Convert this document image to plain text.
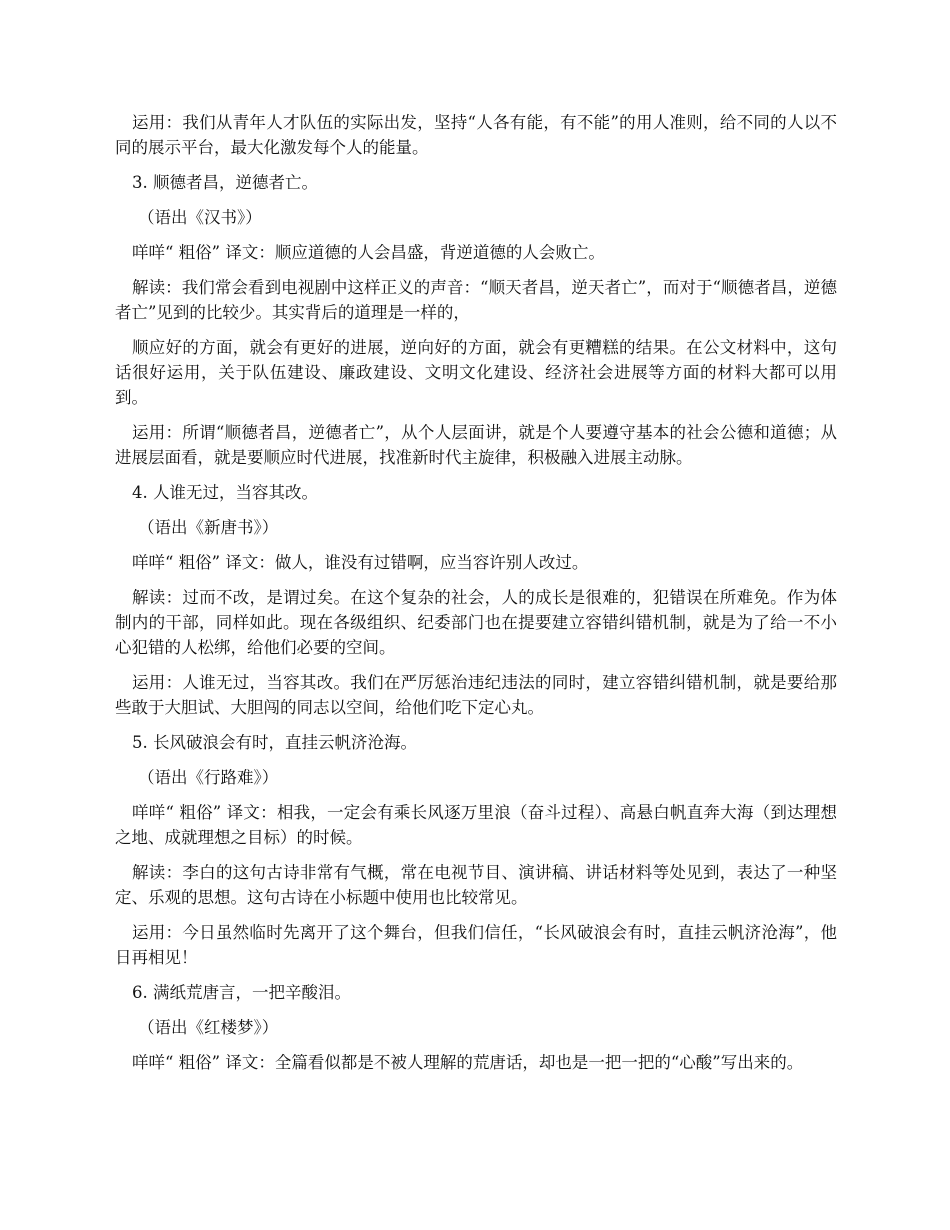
运用：我们从青年人才队伍的实际出发，坚持“人各有能，有不能”的用人准则，给不同的人以不同的展示平台，最大化激发每个人的能量。

3. 顺德者昌，逆德者亡。

（语出《汉书》）

咩咩“ 粗俗” 译文：顺应道德的人会昌盛，背逆道德的人会败亡。

解读：我们常会看到电视剧中这样正义的声音：“顺天者昌，逆天者亡”，而对于“顺德者昌，逆德者亡”见到的比较少。其实背后的道理是一样的，

顺应好的方面，就会有更好的进展，逆向好的方面，就会有更糟糕的结果。在公文材料中，这句话很好运用，关于队伍建设、廉政建设、文明文化建设、经济社会进展等方面的材料大都可以用到。

运用：所谓“顺德者昌，逆德者亡”，从个人层面讲，就是个人要遵守基本的社会公德和道德；从进展层面看，就是要顺应时代进展，找准新时代主旋律，积极融入进展主动脉。

4. 人谁无过，当容其改。

（语出《新唐书》）

咩咩“ 粗俗” 译文：做人，谁没有过错啊，应当容许别人改过。

解读：过而不改，是谓过矣。在这个复杂的社会，人的成长是很难的，犯错误在所难免。作为体制内的干部，同样如此。现在各级组织、纪委部门也在提要建立容错纠错机制，就是为了给一不小心犯错的人松绑，给他们必要的空间。

运用：人谁无过，当容其改。我们在严厉惩治违纪违法的同时，建立容错纠错机制，就是要给那些敢于大胆试、大胆闯的同志以空间，给他们吃下定心丸。

5. 长风破浪会有时，直挂云帆济沧海。

（语出《行路难》）

咩咩“ 粗俗” 译文：相我，一定会有乘长风逐万里浪（奋斗过程）、高悬白帆直奔大海（到达理想之地、成就理想之目标）的时候。

解读：李白的这句古诗非常有气概，常在电视节目、演讲稿、讲话材料等处见到，表达了一种坚定、乐观的思想。这句古诗在小标题中使用也比较常见。

运用：今日虽然临时先离开了这个舞台，但我们信任，“长风破浪会有时，直挂云帆济沧海”，他日再相见！

6. 满纸荒唐言，一把辛酸泪。

（语出《红楼梦》）

咩咩“ 粗俗” 译文：全篇看似都是不被人理解的荒唐话，却也是一把一把的“心酸”写出来的。
